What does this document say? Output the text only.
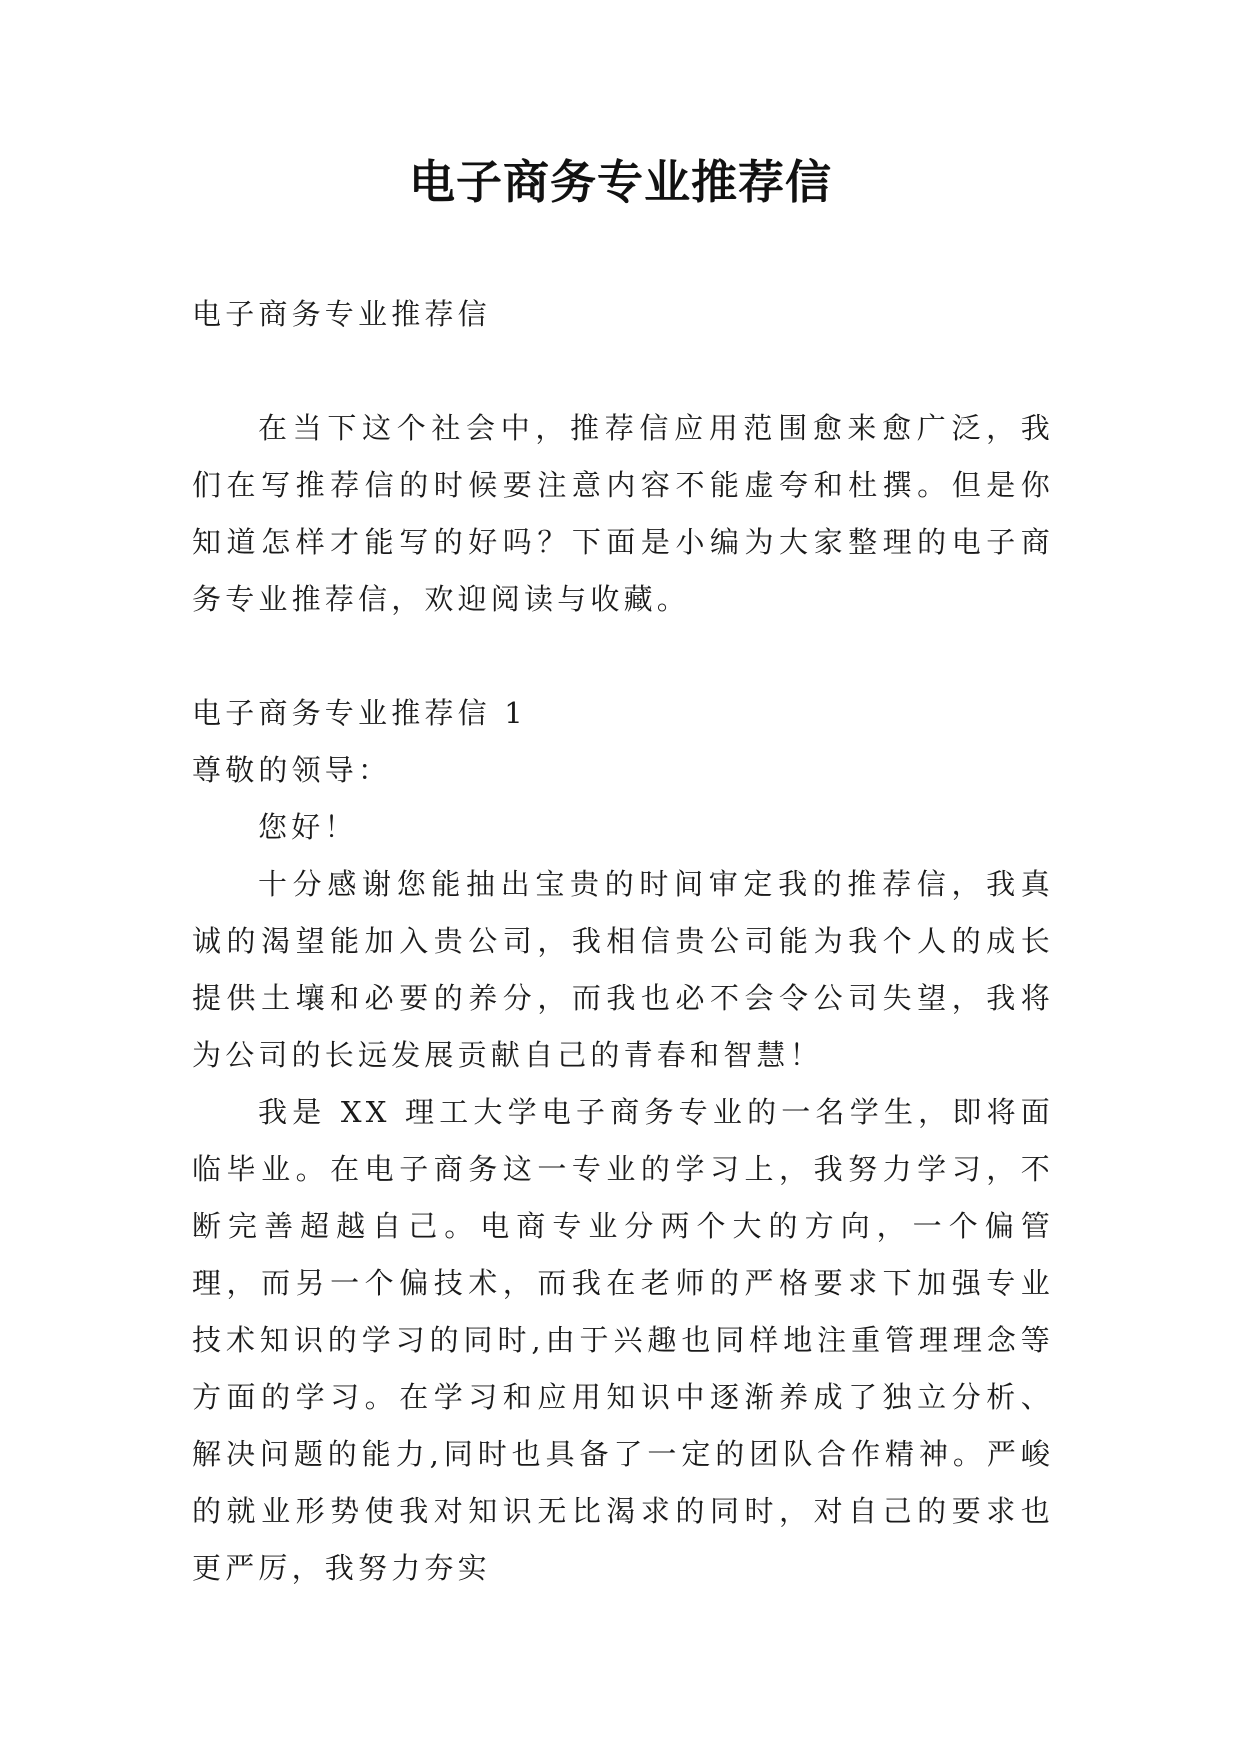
电子商务专业推荐信

电子商务专业推荐信

在当下这个社会中，推荐信应用范围愈来愈广泛，我们在写推荐信的时候要注意内容不能虚夸和杜撰。但是你知道怎样才能写的好吗？下面是小编为大家整理的电子商务专业推荐信，欢迎阅读与收藏。

电子商务专业推荐信 1

尊敬的领导：

您好！

十分感谢您能抽出宝贵的时间审定我的推荐信，我真诚的渴望能加入贵公司，我相信贵公司能为我个人的成长提供土壤和必要的养分，而我也必不会令公司失望，我将为公司的长远发展贡献自己的青春和智慧！

我是 XX 理工大学电子商务专业的一名学生，即将面临毕业。在电子商务这一专业的学习上，我努力学习，不断完善超越自己。电商专业分两个大的方向，一个偏管理，而另一个偏技术，而我在老师的严格要求下加强专业技术知识的学习的同时,由于兴趣也同样地注重管理理念等方面的学习。在学习和应用知识中逐渐养成了独立分析、解决问题的能力,同时也具备了一定的团队合作精神。严峻的就业形势使我对知识无比渴求的同时，对自己的要求也更严厉，我努力夯实
